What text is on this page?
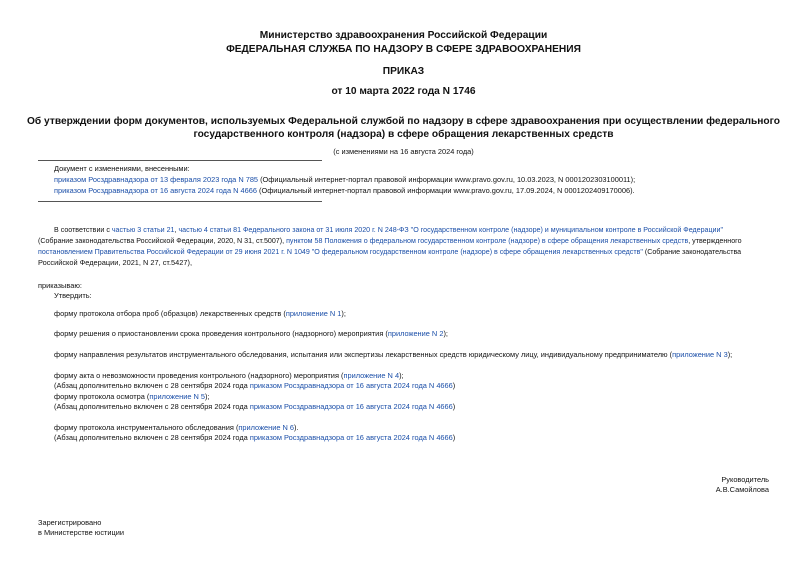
Министерство здравоохранения Российской Федерации
ФЕДЕРАЛЬНАЯ СЛУЖБА ПО НАДЗОРУ В СФЕРЕ ЗДРАВООХРАНЕНИЯ
ПРИКАЗ
от 10 марта 2022 года N 1746
Об утверждении форм документов, используемых Федеральной службой по надзору в сфере здравоохранения при осуществлении федерального
государственного контроля (надзора) в сфере обращения лекарственных средств
(с изменениями на 16 августа 2024 года)
Документ с изменениями, внесенными:
приказом Росздравнадзора от 13 февраля 2023 года N 785 (Официальный интернет-портал правовой информации www.pravo.gov.ru, 10.03.2023, N 0001202303100011);
приказом Росздравнадзора от 16 августа 2024 года N 4666 (Официальный интернет-портал правовой информации www.pravo.gov.ru, 17.09.2024, N 0001202409170006).
В соответствии с частью 3 статьи 21, частью 4 статьи 81 Федерального закона от 31 июля 2020 г. N 248-ФЗ "О государственном контроле (надзоре) и муниципальном контроле в Российской Федерации"
(Собрание законодательства Российской Федерации, 2020, N 31, ст.5007), пунктом 58 Положения о федеральном государственном контроле (надзоре) в сфере обращения лекарственных средств, утвержденного
постановлением Правительства Российской Федерации от 29 июня 2021 г. N 1049 "О федеральном государственном контроле (надзоре) в сфере обращения лекарственных средств" (Собрание законодательства
Российской Федерации, 2021, N 27, ст.5427),
приказываю:
Утвердить:
форму протокола отбора проб (образцов) лекарственных средств (приложение N 1);
форму решения о приостановлении срока проведения контрольного (надзорного) мероприятия (приложение N 2);
форму направления результатов инструментального обследования, испытания или экспертизы лекарственных средств юридическому лицу, индивидуальному предпринимателю (приложение N 3);
форму акта о невозможности проведения контрольного (надзорного) мероприятия (приложение N 4);
(Абзац дополнительно включен с 28 сентября 2024 года приказом Росздравнадзора от 16 августа 2024 года N 4666)
форму протокола осмотра (приложение N 5);
(Абзац дополнительно включен с 28 сентября 2024 года приказом Росздравнадзора от 16 августа 2024 года N 4666)
форму протокола инструментального обследования (приложение N 6).
(Абзац дополнительно включен с 28 сентября 2024 года приказом Росздравнадзора от 16 августа 2024 года N 4666)
Руководитель
А.В.Самойлова
Зарегистрировано
в Министерстве юстиции
